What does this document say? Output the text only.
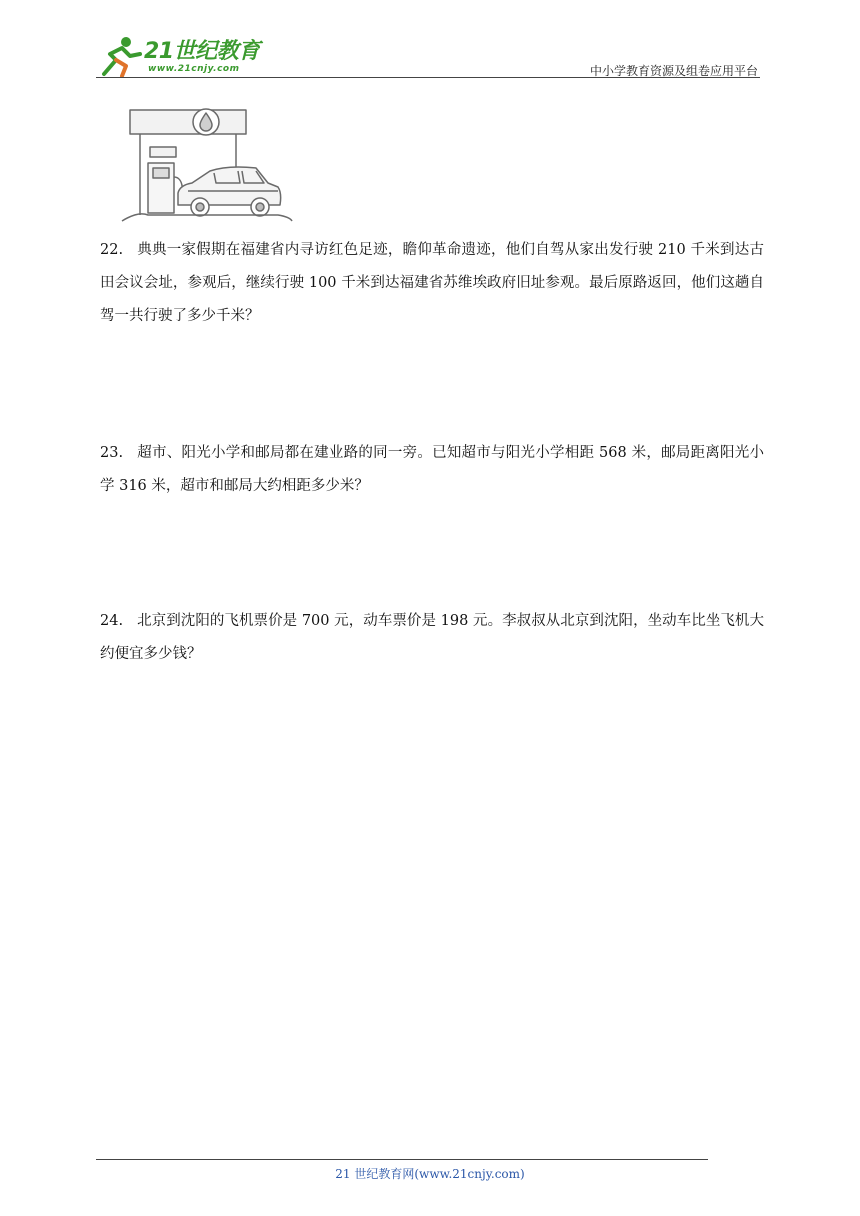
21世纪教育
www.21cnjy.com	中小学教育资源及组卷应用平台
22. 典典一家假期在福建省内寻访红色足迹，瞻仰革命遗迹，他们自驾从家出发行驶 210 千米到达古田会议会址，参观后，继续行驶 100 千米到达福建省苏维埃政府旧址参观。最后原路返回，他们这趟自驾一共行驶了多少千米？
23. 超市、阳光小学和邮局都在建业路的同一旁。已知超市与阳光小学相距 568 米，邮局距离阳光小学 316 米，超市和邮局大约相距多少米？
24. 北京到沈阳的飞机票价是 700 元，动车票价是 198 元。李叔叔从北京到沈阳，坐动车比坐飞机大约便宜多少钱？
21 世纪教育网(www.21cnjy.com)
